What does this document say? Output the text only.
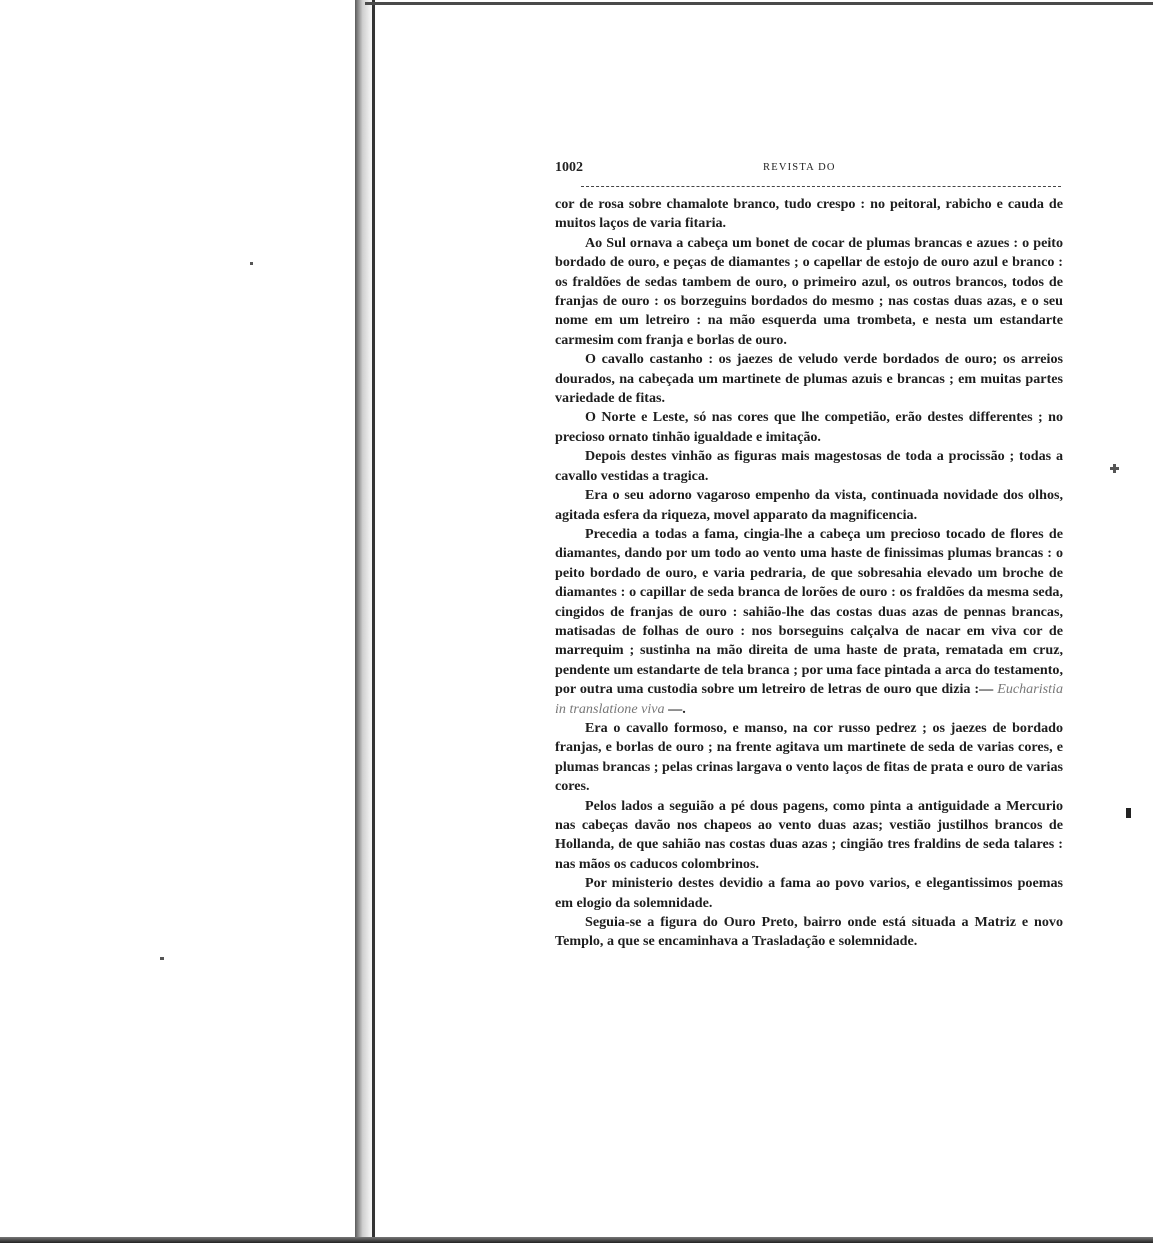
1002	REVISTA DO

cor de rosa sobre chamalote branco, tudo crespo : no peitoral, rabicho e cauda de muitos laços de varia fitaria.

Ao Sul ornava a cabeça um bonet de cocar de plumas brancas e azues : o peito bordado de ouro, e peças de diamantes ; o capellar de estojo de ouro azul e branco : os fraldões de sedas tambem de ouro, o primeiro azul, os outros brancos, todos de franjas de ouro : os borzeguins bordados do mesmo ; nas costas duas azas, e o seu nome em um letreiro : na mão esquerda uma trombeta, e nesta um estandarte carmesim com franja e borlas de ouro.

O cavallo castanho : os jaezes de veludo verde bordados de ouro; os arreios dourados, na cabeçada um martinete de plumas azuis e brancas ; em muitas partes variedade de fitas.

O Norte e Leste, só nas cores que lhe competião, erão destes differentes ; no precioso ornato tinhão igualdade e imitação.

Depois destes vinhão as figuras mais magestosas de toda a procissão ; todas a cavallo vestidas a tragica.

Era o seu adorno vagaroso empenho da vista, continuada novidade dos olhos, agitada esfera da riqueza, movel apparato da magnificencia.

Precedia a todas a fama, cingia-lhe a cabeça um precioso tocado de flores de diamantes, dando por um todo ao vento uma haste de finissimas plumas brancas : o peito bordado de ouro, e varia pedraria, de que sobresahia elevado um broche de diamantes : o capillar de seda branca de lorões de ouro : os fraldões da mesma seda, cingidos de franjas de ouro : sahião-lhe das costas duas azas de pennas brancas, matisadas de folhas de ouro : nos borseguins calçalva de nacar em viva cor de marrequim ; sustinha na mão direita de uma haste de prata, rematada em cruz, pendente um estandarte de tela branca ; por uma face pintada a arca do testamento, por outra uma custodia sobre um letreiro de letras de ouro que dizia :— Eucharistia in translatione viva —.

Era o cavallo formoso, e manso, na cor russo pedrez ; os jaezes de bordado franjas, e borlas de ouro ; na frente agitava um martinete de seda de varias cores, e plumas brancas ; pelas crinas largava o vento laços de fitas de prata e ouro de varias cores.

Pelos lados a seguião a pé dous pagens, como pinta a antiguidade a Mercurio nas cabeças davão nos chapeos ao vento duas azas; vestião justilhos brancos de Hollanda, de que sahião nas costas duas azas ; cingião tres fraldins de seda talares : nas mãos os caducos colombrinos.

Por ministerio destes devidio a fama ao povo varios, e elegantissimos poemas em elogio da solemnidade.

Seguia-se a figura do Ouro Preto, bairro onde está situada a Matriz e novo Templo, a que se encaminhava a Trasladação e solemnidade.
